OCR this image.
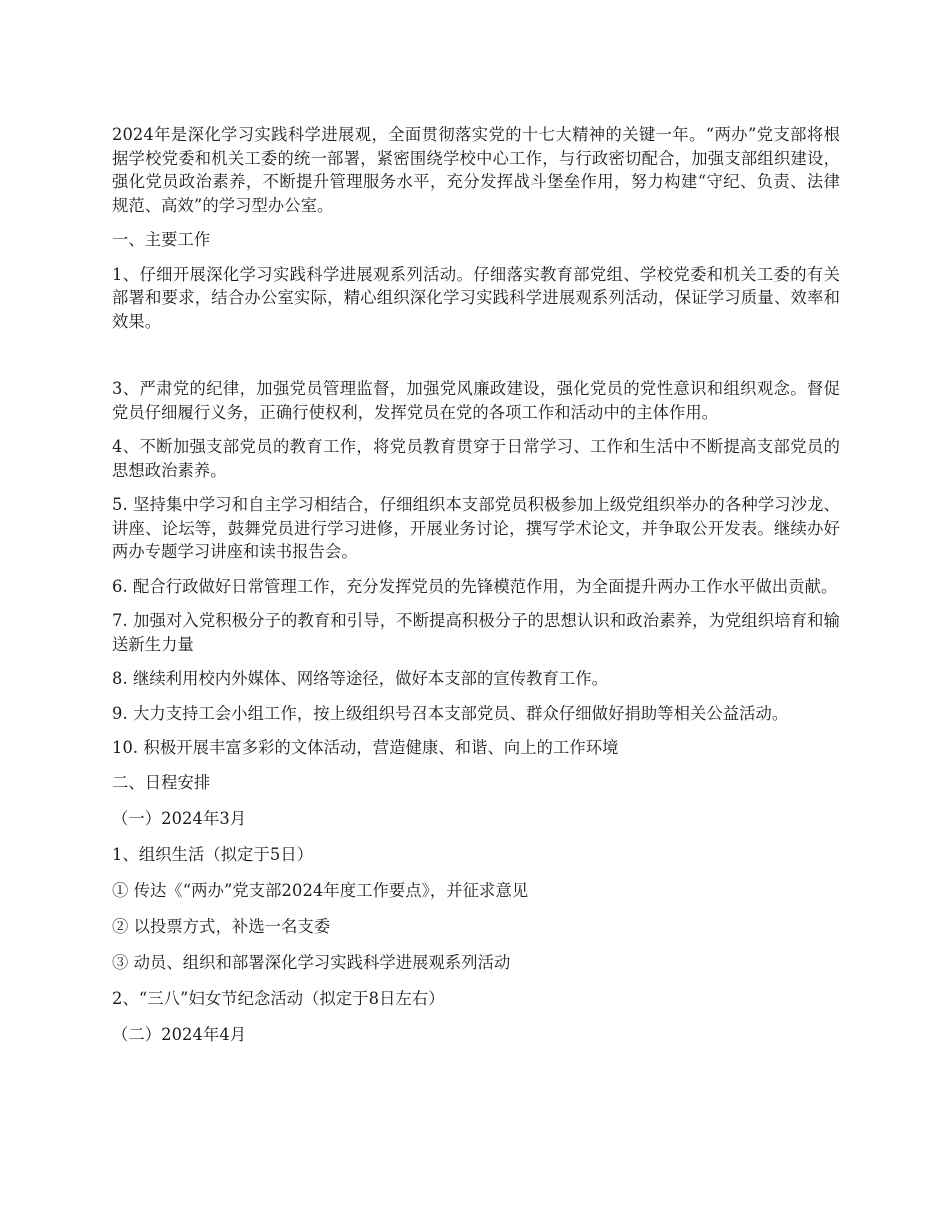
2024年是深化学习实践科学进展观，全面贯彻落实党的十七大精神的关键一年。“两办”党支部将根据学校党委和机关工委的统一部署，紧密围绕学校中心工作，与行政密切配合，加强支部组织建设，强化党员政治素养，不断提升管理服务水平，充分发挥战斗堡垒作用，努力构建“守纪、负责、法律规范、高效”的学习型办公室。

一、主要工作

1、仔细开展深化学习实践科学进展观系列活动。仔细落实教育部党组、学校党委和机关工委的有关部署和要求，结合办公室实际，精心组织深化学习实践科学进展观系列活动，保证学习质量、效率和效果。

3、严肃党的纪律，加强党员管理监督，加强党风廉政建设，强化党员的党性意识和组织观念。督促党员仔细履行义务，正确行使权利，发挥党员在党的各项工作和活动中的主体作用。

4、不断加强支部党员的教育工作，将党员教育贯穿于日常学习、工作和生活中不断提高支部党员的思想政治素养。

5. 坚持集中学习和自主学习相结合，仔细组织本支部党员积极参加上级党组织举办的各种学习沙龙、讲座、论坛等，鼓舞党员进行学习进修，开展业务讨论，撰写学术论文，并争取公开发表。继续办好两办专题学习讲座和读书报告会。

6. 配合行政做好日常管理工作，充分发挥党员的先锋模范作用，为全面提升两办工作水平做出贡献。

7. 加强对入党积极分子的教育和引导，不断提高积极分子的思想认识和政治素养，为党组织培育和输送新生力量

8. 继续利用校内外媒体、网络等途径，做好本支部的宣传教育工作。

9. 大力支持工会小组工作，按上级组织号召本支部党员、群众仔细做好捐助等相关公益活动。

10. 积极开展丰富多彩的文体活动，营造健康、和谐、向上的工作环境

二、日程安排

（一）2024年3月

1、组织生活（拟定于5日）

① 传达《“两办”党支部2024年度工作要点》，并征求意见

② 以投票方式，补选一名支委

③ 动员、组织和部署深化学习实践科学进展观系列活动

2、“三八”妇女节纪念活动（拟定于8日左右）

（二）2024年4月
